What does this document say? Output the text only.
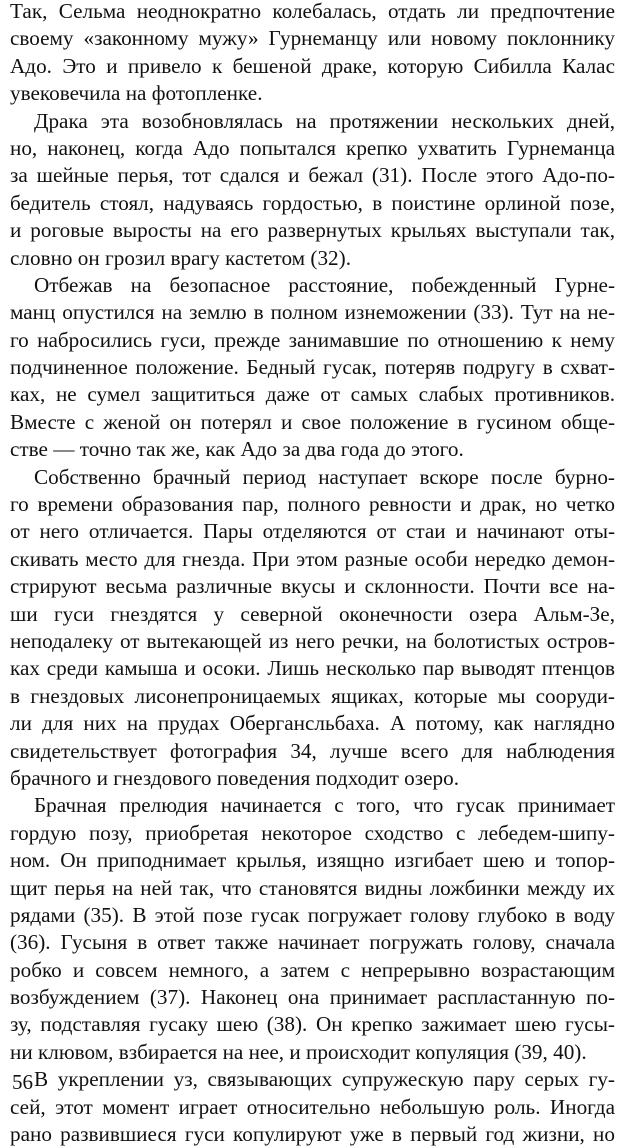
Так, Сельма неоднократно колебалась, отдать ли предпочтение
своему «законному мужу» Гурнеманцу или новому поклоннику
Адо. Это и привело к бешеной драке, которую Сибилла Калас
увековечила на фотопленке.
Драка эта возобновлялась на протяжении нескольких дней,
но, наконец, когда Адо попытался крепко ухватить Гурнеманца
за шейные перья, тот сдался и бежал (31). После этого Адо-по-
бедитель стоял, надуваясь гордостью, в поистине орлиной позе,
и роговые выросты на его развернутых крыльях выступали так,
словно он грозил врагу кастетом (32).
Отбежав на безопасное расстояние, побежденный Гурне-
манц опустился на землю в полном изнеможении (33). Тут на не-
го набросились гуси, прежде занимавшие по отношению к нему
подчиненное положение. Бедный гусак, потеряв подругу в схват-
ках, не сумел защититься даже от самых слабых противников.
Вместе с женой он потерял и свое положение в гусином обще-
стве — точно так же, как Адо за два года до этого.
Собственно брачный период наступает вскоре после бурно-
го времени образования пар, полного ревности и драк, но четко
от него отличается. Пары отделяются от стаи и начинают оты-
скивать место для гнезда. При этом разные особи нередко демон-
стрируют весьма различные вкусы и склонности. Почти все на-
ши гуси гнездятся у северной оконечности озера Альм-Зе,
неподалеку от вытекающей из него речки, на болотистых остров-
ках среди камыша и осоки. Лишь несколько пар выводят птенцов
в гнездовых лисонепроницаемых ящиках, которые мы сооруди-
ли для них на прудах Обергансльбаха. А потому, как наглядно
свидетельствует фотография 34, лучше всего для наблюдения
брачного и гнездового поведения подходит озеро.
Брачная прелюдия начинается с того, что гусак принимает
гордую позу, приобретая некоторое сходство с лебедем-шипу-
ном. Он приподнимает крылья, изящно изгибает шею и топор-
щит перья на ней так, что становятся видны ложбинки между их
рядами (35). В этой позе гусак погружает голову глубоко в воду
(36). Гусыня в ответ также начинает погружать голову, сначала
робко и совсем немного, а затем с непрерывно возрастающим
возбуждением (37). Наконец она принимает распластанную по-
зу, подставляя гусаку шею (38). Он крепко зажимает шею гусы-
ни клювом, взбирается на нее, и происходит копуляция (39, 40).
В укреплении уз, связывающих супружескую пару серых гу-
сей, этот момент играет относительно небольшую роль. Иногда
рано развившиеся гуси копулируют уже в первый год жизни, но
56
